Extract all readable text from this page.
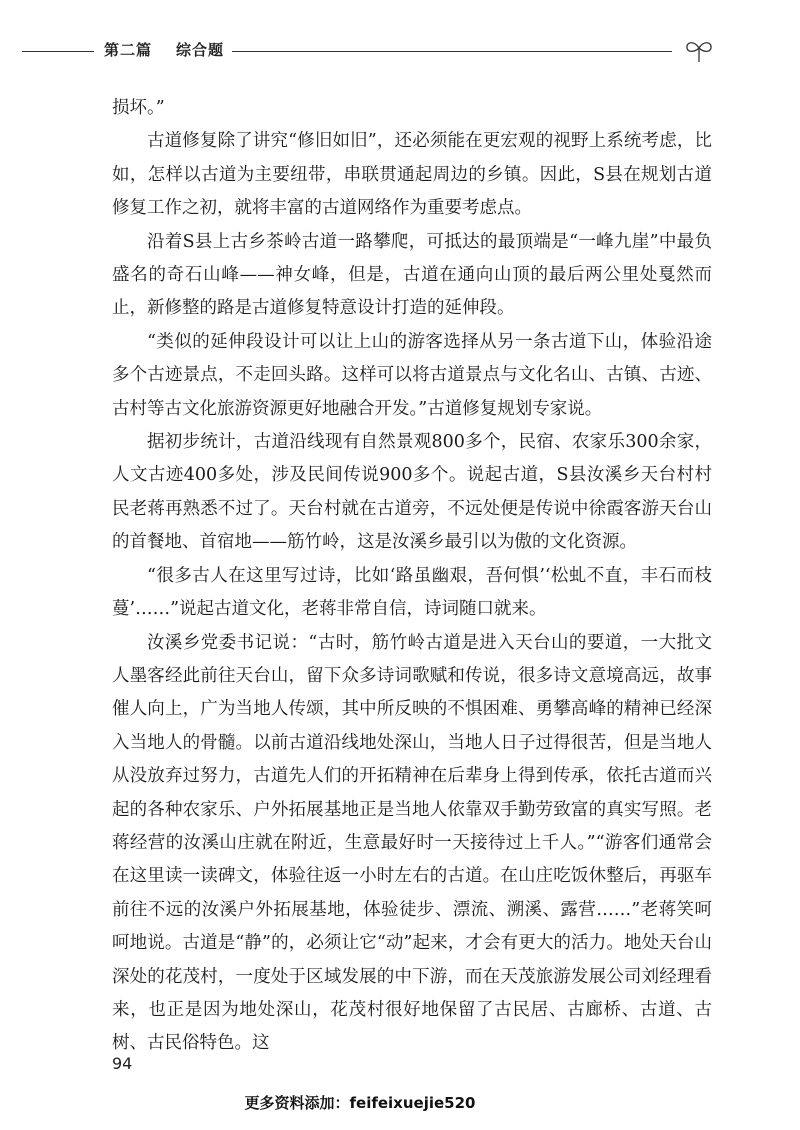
第二篇 综合题

损坏。”

古道修复除了讲究“修旧如旧”，还必须能在更宏观的视野上系统考虑，比如，怎样以古道为主要纽带，串联贯通起周边的乡镇。因此，S县在规划古道修复工作之初，就将丰富的古道网络作为重要考虑点。

沿着S县上古乡茶岭古道一路攀爬，可抵达的最顶端是“一峰九崖”中最负盛名的奇石山峰——神女峰，但是，古道在通向山顶的最后两公里处戛然而止，新修整的路是古道修复特意设计打造的延伸段。

“类似的延伸段设计可以让上山的游客选择从另一条古道下山，体验沿途多个古迹景点，不走回头路。这样可以将古道景点与文化名山、古镇、古迹、古村等古文化旅游资源更好地融合开发。”古道修复规划专家说。

据初步统计，古道沿线现有自然景观800多个，民宿、农家乐300余家，人文古迹400多处，涉及民间传说900多个。说起古道，S县汝溪乡天台村村民老蒋再熟悉不过了。天台村就在古道旁，不远处便是传说中徐霞客游天台山的首餐地、首宿地——筋竹岭，这是汝溪乡最引以为傲的文化资源。

“很多古人在这里写过诗，比如‘路虽幽艰，吾何惧’‘松虬不直，丰石而枝蔓’……”说起古道文化，老蒋非常自信，诗词随口就来。

汝溪乡党委书记说：“古时，筋竹岭古道是进入天台山的要道，一大批文人墨客经此前往天台山，留下众多诗词歌赋和传说，很多诗文意境高远，故事催人向上，广为当地人传颂，其中所反映的不惧困难、勇攀高峰的精神已经深入当地人的骨髓。以前古道沿线地处深山，当地人日子过得很苦，但是当地人从没放弃过努力，古道先人们的开拓精神在后辈身上得到传承，依托古道而兴起的各种农家乐、户外拓展基地正是当地人依靠双手勤劳致富的真实写照。老蒋经营的汝溪山庄就在附近，生意最好时一天接待过上千人。”“游客们通常会在这里读一读碑文，体验往返一小时左右的古道。在山庄吃饭休整后，再驱车前往不远的汝溪户外拓展基地，体验徒步、漂流、溯溪、露营……”老蒋笑呵呵地说。古道是“静”的，必须让它“动”起来，才会有更大的活力。地处天台山深处的花茂村，一度处于区域发展的中下游，而在天茂旅游发展公司刘经理看来，也正是因为地处深山，花茂村很好地保留了古民居、古廊桥、古道、古树、古民俗特色。这

94
更多资料添加：feifeixuejie520
